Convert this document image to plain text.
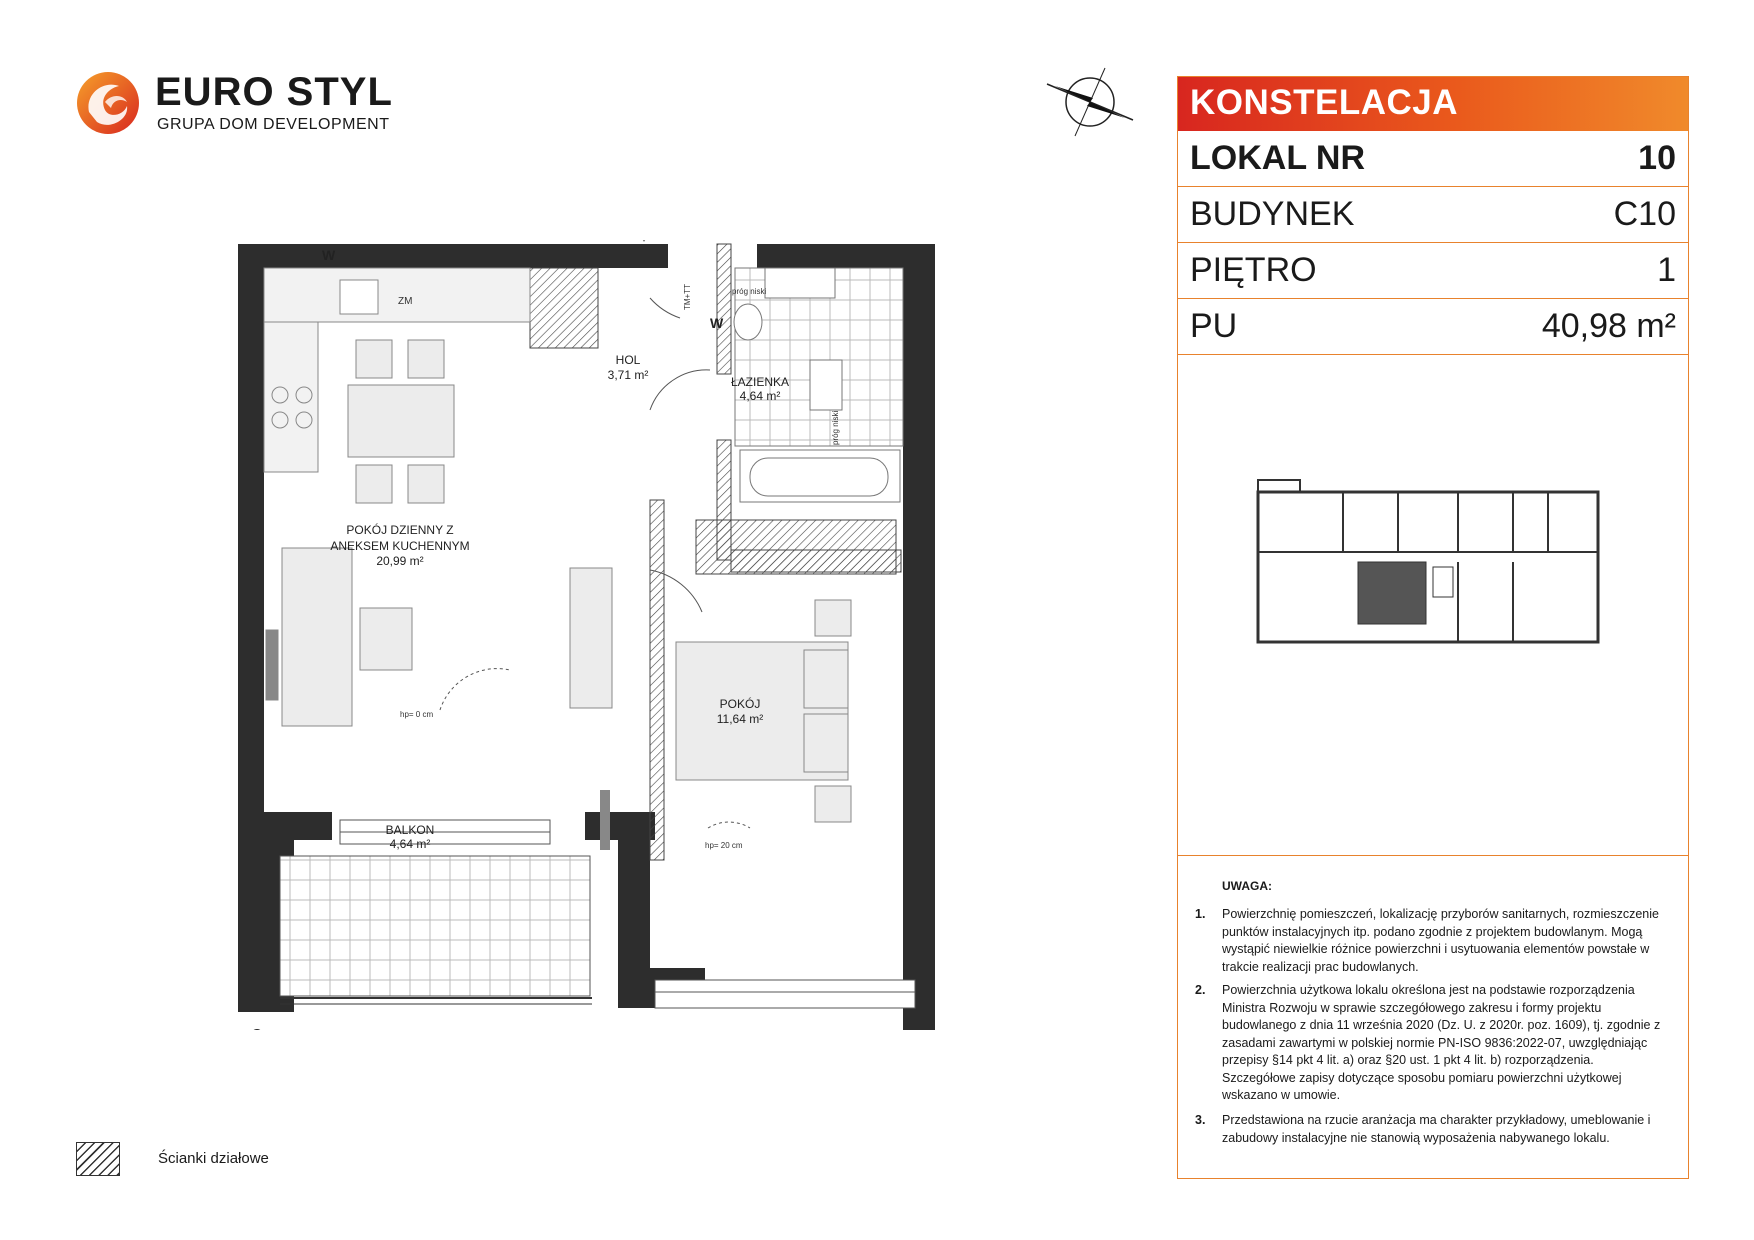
EURO STYL
GRUPA DOM DEVELOPMENT
ZM
POKÓJ DZIENNY Z
ANEKSEM KUCHENNYM
20,99 m²
HOL
3,71 m²	ŁAZIENKA
4,64 m²
POKÓJ
11,64 m²
BALKON
4,64 m²
próg niski
próg niski
hp= 0 cm
hp= 20 cm
TM+TT
W
W
KONSTELACJA
LOKAL NR	10
BUDYNEK	C10
PIĘTRO	1
PU	40,98 m²
UWAGA:
1. Powierzchnię pomieszczeń, lokalizację przyborów sanitarnych, rozmieszczenie punktów instalacyjnych itp. podano zgodnie z projektem budowlanym. Mogą wystąpić niewielkie różnice powierzchni i usytuowania elementów powstałe w trakcie realizacji prac budowlanych.
2. Powierzchnia użytkowa lokalu określona jest na podstawie rozporządzenia Ministra Rozwoju w sprawie szczegółowego zakresu i formy projektu budowlanego z dnia 11 września 2020 (Dz. U. z 2020r. poz. 1609), tj. zgodnie z zasadami zawartymi w polskiej normie PN-ISO 9836:2022-07, uwzględniając przepisy §14 pkt 4 lit. a) oraz §20 ust. 1 pkt 4 lit. b) rozporządzenia. Szczegółowe zapisy dotyczące sposobu pomiaru powierzchni użytkowej wskazano w umowie.
3. Przedstawiona na rzucie aranżacja ma charakter przykładowy, umeblowanie i zabudowy instalacyjne nie stanowią wyposażenia nabywanego lokalu.
Ścianki działowe
